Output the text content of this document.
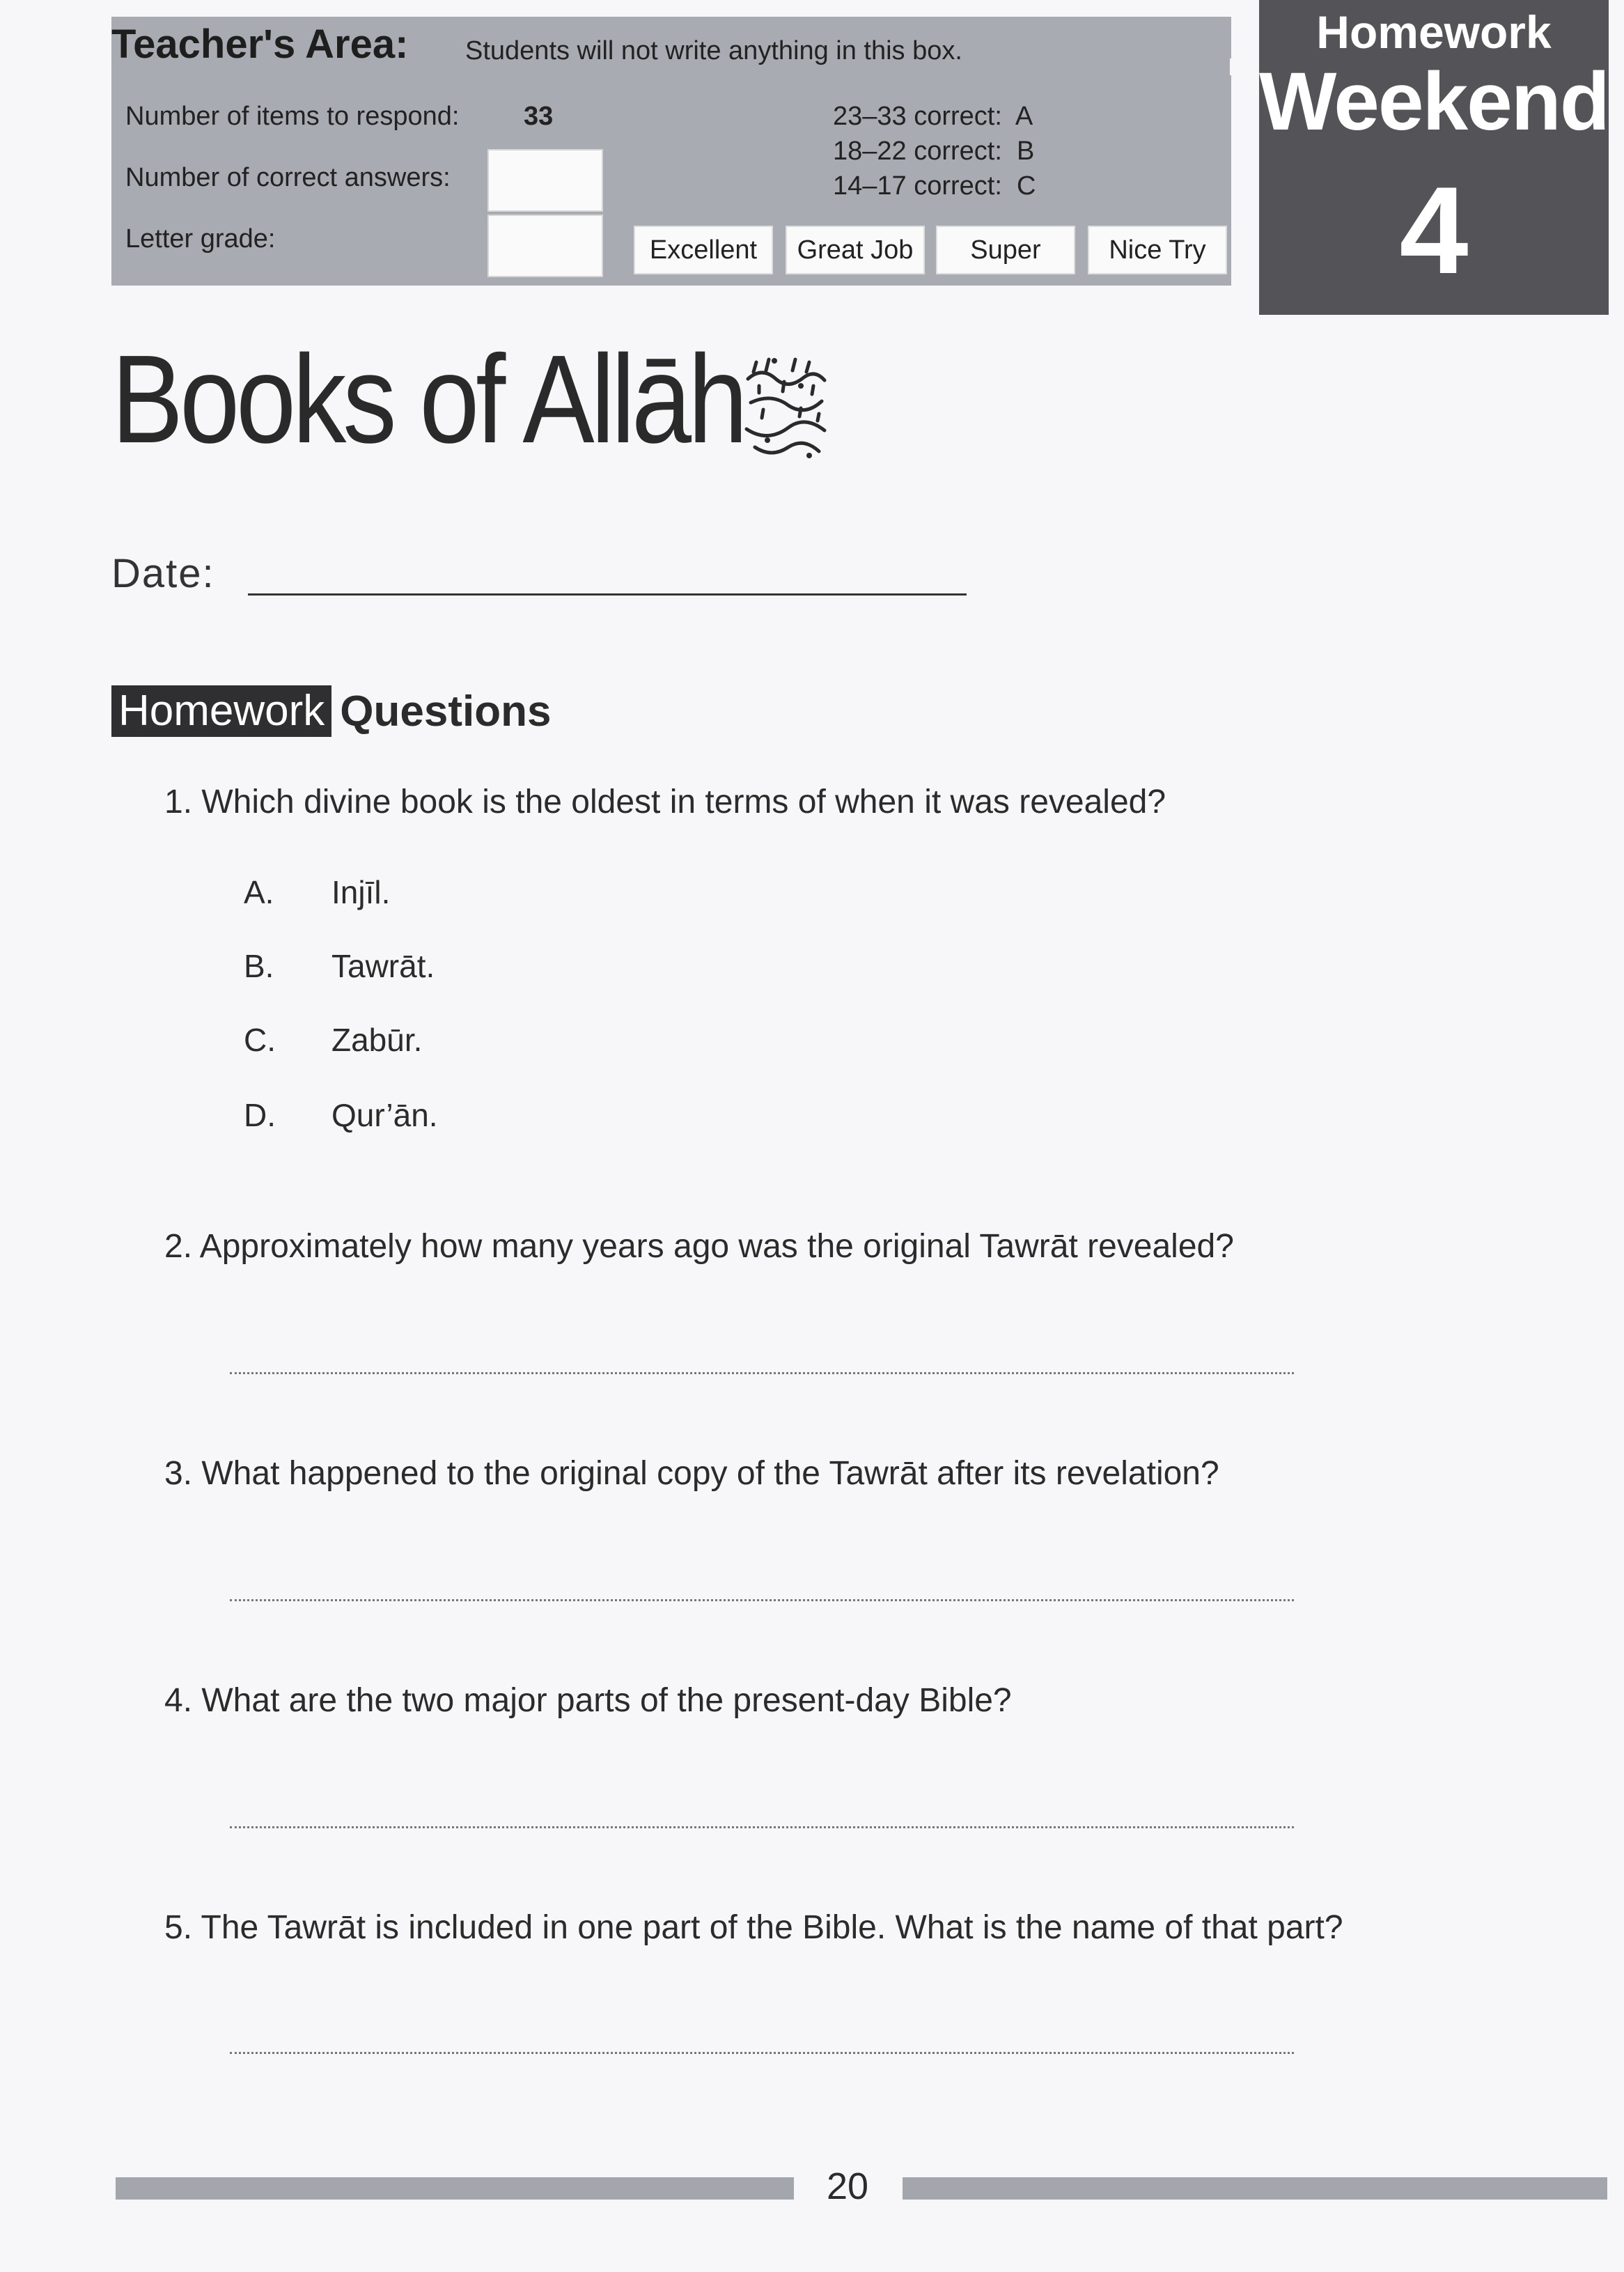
Teacher's Area: Students will not write anything in this box.
Number of items to respond: 33
Number of correct answers:
Letter grade:
23–33 correct:  A
18–22 correct:  B
14–17 correct:  C
Excellent	Great Job	Super	Nice Try
Homework
Weekend
4
Books of Allāh
Date:
Homework Questions
1. Which divine book is the oldest in terms of when it was revealed?
A. Injīl.
B. Tawrāt.
C. Zabūr.
D. Qur’ān.
2. Approximately how many years ago was the original Tawrāt revealed?
3. What happened to the original copy of the Tawrāt after its revelation?
4. What are the two major parts of the present-day Bible?
5. The Tawrāt is included in one part of the Bible. What is the name of that part?
20
